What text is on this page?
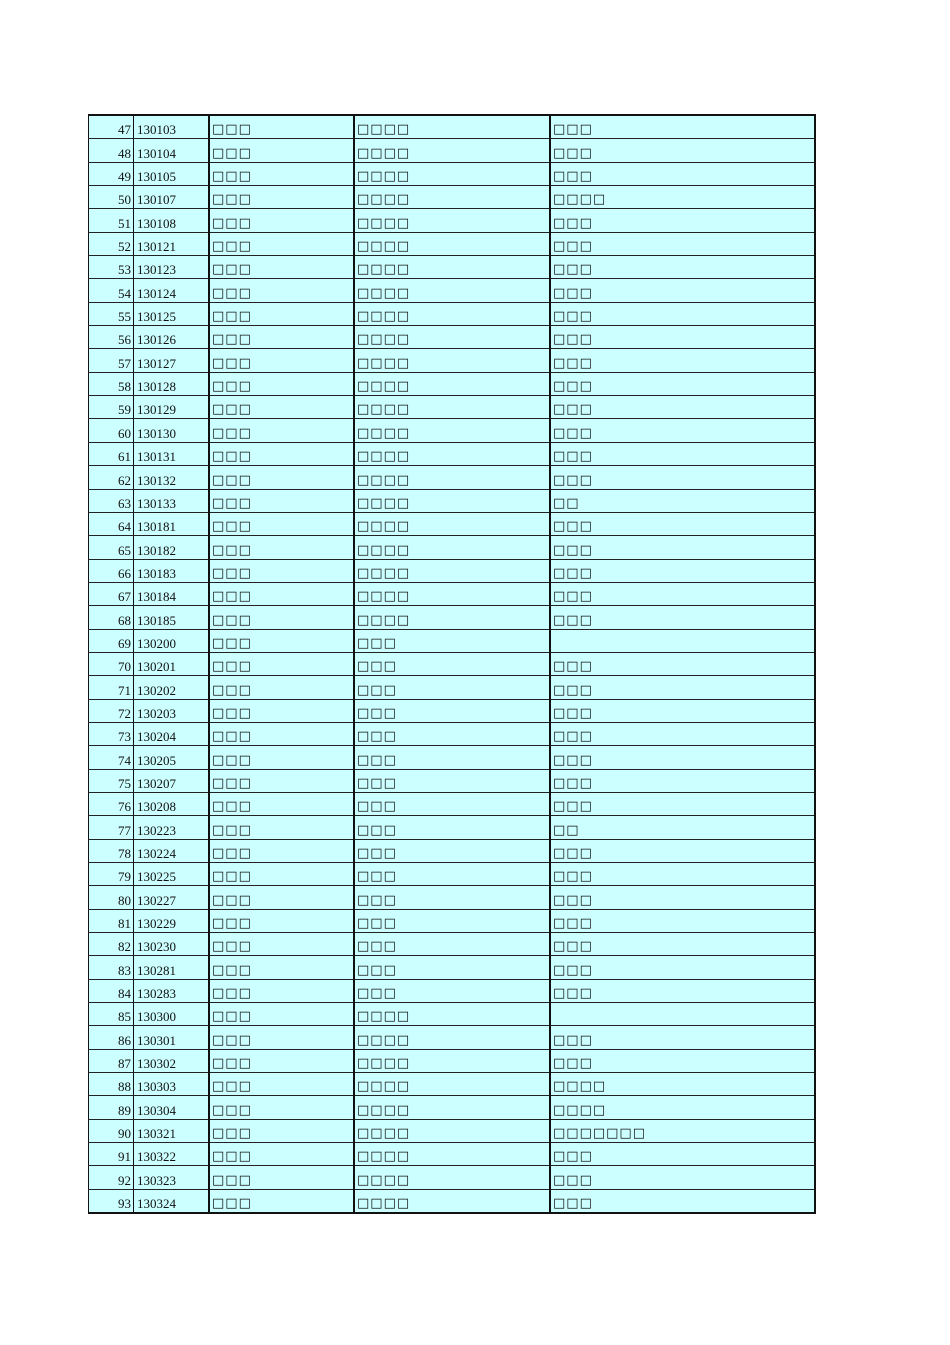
47	130103	□□□	□□□□	□□□
48	130104	□□□	□□□□	□□□
49	130105	□□□	□□□□	□□□
50	130107	□□□	□□□□	□□□□
51	130108	□□□	□□□□	□□□
52	130121	□□□	□□□□	□□□
53	130123	□□□	□□□□	□□□
54	130124	□□□	□□□□	□□□
55	130125	□□□	□□□□	□□□
56	130126	□□□	□□□□	□□□
57	130127	□□□	□□□□	□□□
58	130128	□□□	□□□□	□□□
59	130129	□□□	□□□□	□□□
60	130130	□□□	□□□□	□□□
61	130131	□□□	□□□□	□□□
62	130132	□□□	□□□□	□□□
63	130133	□□□	□□□□	□□
64	130181	□□□	□□□□	□□□
65	130182	□□□	□□□□	□□□
66	130183	□□□	□□□□	□□□
67	130184	□□□	□□□□	□□□
68	130185	□□□	□□□□	□□□
69	130200	□□□	□□□	
70	130201	□□□	□□□	□□□
71	130202	□□□	□□□	□□□
72	130203	□□□	□□□	□□□
73	130204	□□□	□□□	□□□
74	130205	□□□	□□□	□□□
75	130207	□□□	□□□	□□□
76	130208	□□□	□□□	□□□
77	130223	□□□	□□□	□□
78	130224	□□□	□□□	□□□
79	130225	□□□	□□□	□□□
80	130227	□□□	□□□	□□□
81	130229	□□□	□□□	□□□
82	130230	□□□	□□□	□□□
83	130281	□□□	□□□	□□□
84	130283	□□□	□□□	□□□
85	130300	□□□	□□□□	
86	130301	□□□	□□□□	□□□
87	130302	□□□	□□□□	□□□
88	130303	□□□	□□□□	□□□□
89	130304	□□□	□□□□	□□□□
90	130321	□□□	□□□□	□□□□□□□
91	130322	□□□	□□□□	□□□
92	130323	□□□	□□□□	□□□
93	130324	□□□	□□□□	□□□
